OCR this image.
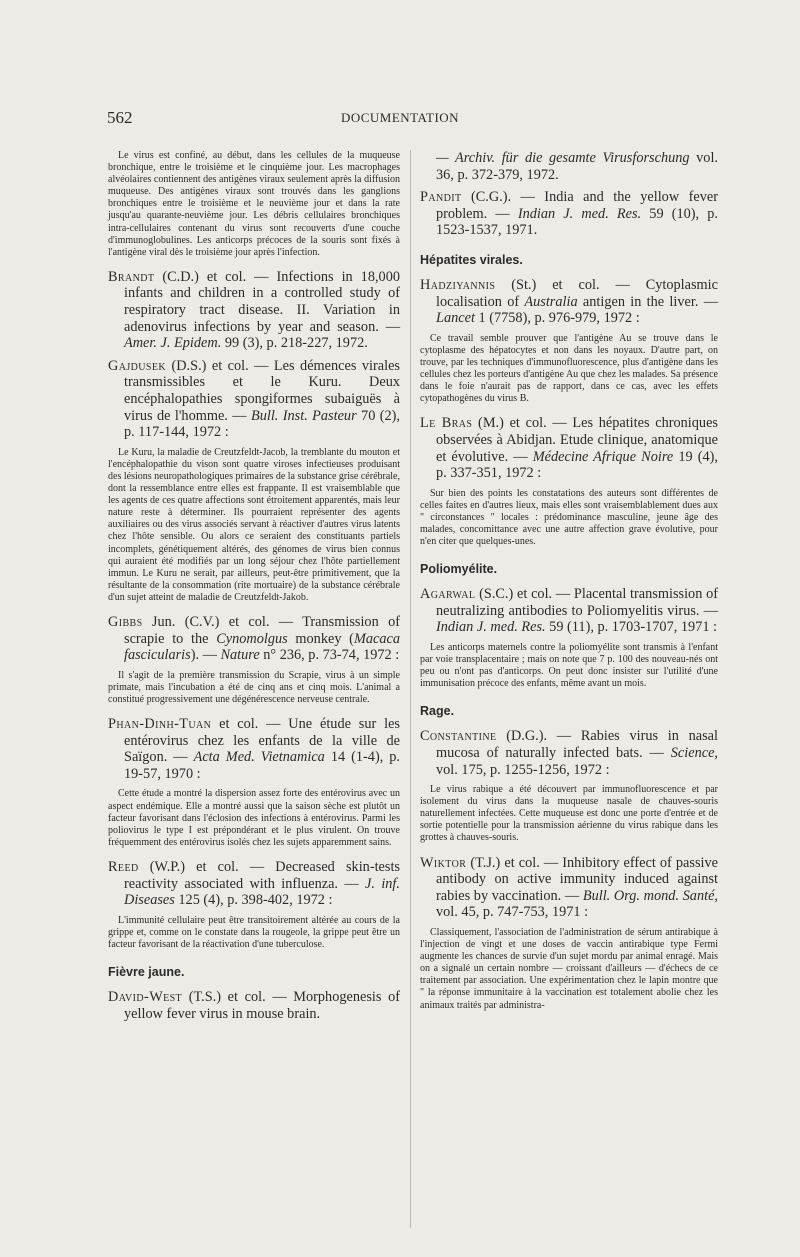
562	DOCUMENTATION

Le virus est confiné, au début, dans les cellules de la muqueuse bronchique, entre le troisième et le cinquième jour. Les macrophages alvéolaires contiennent des antigènes viraux seulement après la diffusion muqueuse. Des antigènes viraux sont trouvés dans les ganglions bronchiques entre le troisième et le neuvième jour et dans la rate jusqu'au quarante-neuvième jour. Les débris cellulaires bronchiques intra-cellulaires contenant du virus sont recouverts d'une couche d'immunoglobulines. Les anticorps précoces de la souris sont fixés à l'antigène viral dès le troisième jour après l'infection.

Brandt (C.D.) et col. — Infections in 18,000 infants and children in a controlled study of respiratory tract disease. II. Variation in adenovirus infections by year and season. — Amer. J. Epidem. 99 (3), p. 218-227, 1972.

Gajdusek (D.S.) et col. — Les démences virales transmissibles et le Kuru. Deux encéphalopathies spongiformes subaiguës à virus de l'homme. — Bull. Inst. Pasteur 70 (2), p. 117-144, 1972 :

Le Kuru, la maladie de Creutzfeldt-Jacob, la tremblante du mouton et l'encéphalopathie du vison sont quatre viroses infectieuses produisant des lésions neuropathologiques primaires de la substance grise cérébrale, dont la ressemblance entre elles est frappante. Il est vraisemblable que les agents de ces quatre affections sont étroitement apparentés, mais leur nature reste à déterminer. Ils pourraient représenter des agents auxiliaires ou des virus associés servant à réactiver d'autres virus latents chez l'hôte sensible. Ou alors ce seraient des constituants partiels incomplets, génétiquement altérés, des génomes de virus bien connus qui auraient été modifiés par un long séjour chez l'hôte partiellement immun. Le Kuru ne serait, par ailleurs, peut-être primitivement, que la résultante de la consommation (rite mortuaire) de la substance cérébrale d'un sujet atteint de maladie de Creutzfeldt-Jakob.

Gibbs Jun. (C.V.) et col. — Transmission of scrapie to the Cynomolgus monkey (Macaca fascicularis). — Nature n° 236, p. 73-74, 1972 :

Il s'agit de la première transmission du Scrapie, virus à un simple primate, mais l'incubation a été de cinq ans et cinq mois. L'animal a constitué progressivement une dégénérescence nerveuse centrale.

Phan-Dinh-Tuan et col. — Une étude sur les entérovirus chez les enfants de la ville de Saïgon. — Acta Med. Vietnamica 14 (1-4), p. 19-57, 1970 :

Cette étude a montré la dispersion assez forte des entérovirus avec un aspect endémique. Elle a montré aussi que la saison sèche est plutôt un facteur favorisant dans l'éclosion des infections à entérovirus. Parmi les poliovirus le type I est prépondérant et le plus virulent. On trouve fréquemment des entérovirus isolés chez les sujets apparemment sains.

Reed (W.P.) et col. — Decreased skin-tests reactivity associated with influenza. — J. inf. Diseases 125 (4), p. 398-402, 1972 :

L'immunité cellulaire peut être transitoirement altérée au cours de la grippe et, comme on le constate dans la rougeole, la grippe peut être un facteur favorisant de la réactivation d'une tuberculose.

Fièvre jaune.

David-West (T.S.) et col. — Morphogenesis of yellow fever virus in mouse brain.

— Archiv. für die gesamte Virusforschung vol. 36, p. 372-379, 1972.

Pandit (C.G.). — India and the yellow fever problem. — Indian J. med. Res. 59 (10), p. 1523-1537, 1971.

Hépatites virales.

Hadziyannis (St.) et col. — Cytoplasmic localisation of Australia antigen in the liver. — Lancet 1 (7758), p. 976-979, 1972 :

Ce travail semble prouver que l'antigène Au se trouve dans le cytoplasme des hépatocytes et non dans les noyaux. D'autre part, on trouve, par les techniques d'immunofluorescence, plus d'antigène dans les cellules chez les porteurs d'antigène Au que chez les malades. Sa présence dans le foie n'aurait pas de rapport, dans ce cas, avec les effets cytopathogènes du virus B.

Le Bras (M.) et col. — Les hépatites chroniques observées à Abidjan. Etude clinique, anatomique et évolutive. — Médecine Afrique Noire 19 (4), p. 337-351, 1972 :

Sur bien des points les constatations des auteurs sont différentes de celles faites en d'autres lieux, mais elles sont vraisemblablement dues aux " circonstances " locales : prédominance masculine, jeune âge des malades, concomittance avec une autre affection grave évolutive, pour n'en citer que quelques-unes.

Poliomyélite.

Agarwal (S.C.) et col. — Placental transmission of neutralizing antibodies to Poliomyelitis virus. — Indian J. med. Res. 59 (11), p. 1703-1707, 1971 :

Les anticorps maternels contre la poliomyélite sont transmis à l'enfant par voie transplacentaire ; mais on note que 7 p. 100 des nouveau-nés ont peu ou n'ont pas d'anticorps. On peut donc insister sur l'utilité d'une immunisation précoce des enfants, même avant un mois.

Rage.

Constantine (D.G.). — Rabies virus in nasal mucosa of naturally infected bats. — Science, vol. 175, p. 1255-1256, 1972 :

Le virus rabique a été découvert par immunofluorescence et par isolement du virus dans la muqueuse nasale de chauves-souris naturellement infectées. Cette muqueuse est donc une porte d'entrée et de sortie potentielle pour la transmission aérienne du virus rabique dans les grottes à chauves-souris.

Wiktor (T.J.) et col. — Inhibitory effect of passive antibody on active immunity induced against rabies by vaccination. — Bull. Org. mond. Santé, vol. 45, p. 747-753, 1971 :

Classiquement, l'association de l'administration de sérum antirabique à l'injection de vingt et une doses de vaccin antirabique type Fermi augmente les chances de survie d'un sujet mordu par animal enragé. Mais on a signalé un certain nombre — croissant d'ailleurs — d'échecs de ce traitement par association. Une expérimentation chez le lapin montre que " la réponse immunitaire à la vaccination est totalement abolie chez les animaux traités par administra-
